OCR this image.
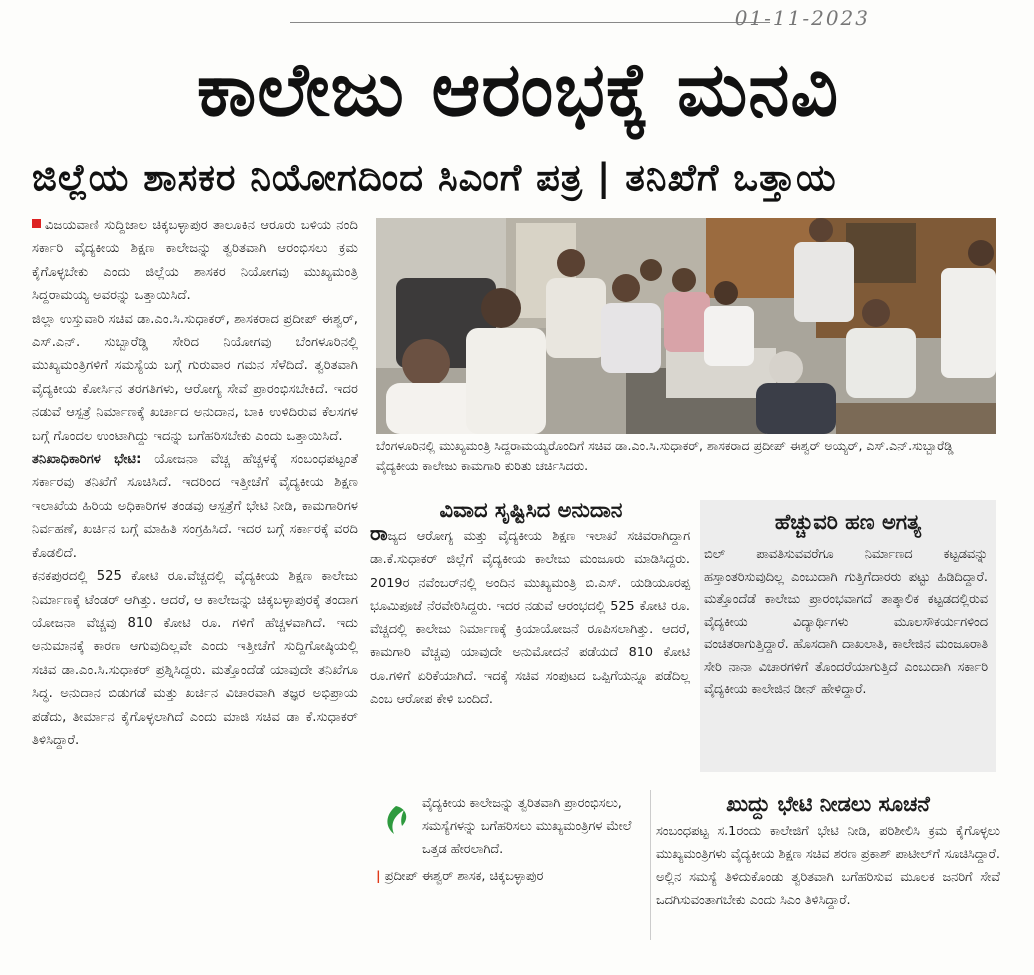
01-11-2023
ಕಾಲೇಜು ಆರಂಭಕ್ಕೆ ಮನವಿ
ಜಿಲ್ಲೆಯ ಶಾಸಕರ ನಿಯೋಗದಿಂದ ಸಿಎಂಗೆ ಪತ್ರ | ತನಿಖೆಗೆ ಒತ್ತಾಯ

ವಿಜಯವಾಣಿ ಸುದ್ದಿಜಾಲ ಚಿಕ್ಕಬಳ್ಳಾಪುರ ತಾಲೂಕಿನ ಆರೂರು ಬಳಿಯ ನಂದಿ ಸರ್ಕಾರಿ ವೈದ್ಯಕೀಯ ಶಿಕ್ಷಣ ಕಾಲೇಜನ್ನು ತ್ವರಿತವಾಗಿ ಆರಂಭಿಸಲು ಕ್ರಮ ಕೈಗೊಳ್ಳಬೇಕು ಎಂದು ಜಿಲ್ಲೆಯ ಶಾಸಕರ ನಿಯೋಗವು ಮುಖ್ಯಮಂತ್ರಿ ಸಿದ್ದರಾಮಯ್ಯ ಅವರನ್ನು ಒತ್ತಾಯಿಸಿದೆ.

ಜಿಲ್ಲಾ ಉಸ್ತುವಾರಿ ಸಚಿವ ಡಾ.ಎಂ.ಸಿ.ಸುಧಾಕರ್, ಶಾಸಕರಾದ ಪ್ರದೀಪ್ ಈಶ್ವರ್, ಎಸ್.ಎನ್. ಸುಬ್ಬಾರೆಡ್ಡಿ ಸೇರಿದ ನಿಯೋಗವು ಬೆಂಗಳೂರಿನಲ್ಲಿ ಮುಖ್ಯಮಂತ್ರಿಗಳಿಗೆ ಸಮಸ್ಯೆಯ ಬಗ್ಗೆ ಗುರುವಾರ ಗಮನ ಸೆಳೆದಿದೆ. ತ್ವರಿತವಾಗಿ ವೈದ್ಯಕೀಯ ಕೋರ್ಸಿನ ತರಗತಿಗಳು, ಆರೋಗ್ಯ ಸೇವೆ ಪ್ರಾರಂಭಿಸಬೇಕಿದೆ. ಇದರ ನಡುವೆ ಆಸ್ಪತ್ರೆ ನಿರ್ಮಾಣಕ್ಕೆ ಖರ್ಚಾದ ಅನುದಾನ, ಬಾಕಿ ಉಳಿದಿರುವ ಕೆಲಸಗಳ ಬಗ್ಗೆ ಗೊಂದಲ ಉಂಟಾಗಿದ್ದು ಇದನ್ನು ಬಗೆಹರಿಸಬೇಕು ಎಂದು ಒತ್ತಾಯಿಸಿದೆ.

ತನಿಖಾಧಿಕಾರಿಗಳ ಭೇಟಿ: ಯೋಜನಾ ವೆಚ್ಚ ಹೆಚ್ಚಳಕ್ಕೆ ಸಂಬಂಧಪಟ್ಟಂತೆ ಸರ್ಕಾರವು ತನಿಖೆಗೆ ಸೂಚಿಸಿದೆ. ಇದರಿಂದ ಇತ್ತೀಚೆಗೆ ವೈದ್ಯಕೀಯ ಶಿಕ್ಷಣ ಇಲಾಖೆಯ ಹಿರಿಯ ಅಧಿಕಾರಿಗಳ ತಂಡವು ಆಸ್ಪತ್ರೆಗೆ ಭೇಟಿ ನೀಡಿ, ಕಾಮಗಾರಿಗಳ ನಿರ್ವಹಣೆ, ಖರ್ಚಿನ ಬಗ್ಗೆ ಮಾಹಿತಿ ಸಂಗ್ರಹಿಸಿದೆ. ಇದರ ಬಗ್ಗೆ ಸರ್ಕಾರಕ್ಕೆ ವರದಿ ಕೊಡಲಿದೆ.

ಕನಕಪುರದಲ್ಲಿ 525 ಕೋಟಿ ರೂ.ವೆಚ್ಚದಲ್ಲಿ ವೈದ್ಯಕೀಯ ಶಿಕ್ಷಣ ಕಾಲೇಜು ನಿರ್ಮಾಣಕ್ಕೆ ಟೆಂಡರ್ ಆಗಿತ್ತು. ಆದರೆ, ಆ ಕಾಲೇಜನ್ನು ಚಿಕ್ಕಬಳ್ಳಾಪುರಕ್ಕೆ ತಂದಾಗ ಯೋಜನಾ ವೆಚ್ಚವು 810 ಕೋಟಿ ರೂ. ಗಳಿಗೆ ಹೆಚ್ಚಳವಾಗಿದೆ. ಇದು ಅನುಮಾನಕ್ಕೆ ಕಾರಣ ಆಗುವುದಿಲ್ಲವೇ ಎಂದು ಇತ್ತೀಚೆಗೆ ಸುದ್ದಿಗೋಷ್ಠಿಯಲ್ಲಿ ಸಚಿವ ಡಾ.ಎಂ.ಸಿ.ಸುಧಾಕರ್ ಪ್ರಶ್ನಿಸಿದ್ದರು. ಮತ್ತೊಂದೆಡೆ ಯಾವುದೇ ತನಿಖೆಗೂ ಸಿದ್ಧ. ಅನುದಾನ ಬಿಡುಗಡೆ ಮತ್ತು ಖರ್ಚಿನ ವಿಚಾರವಾಗಿ ತಜ್ಞರ ಅಭಿಪ್ರಾಯ ಪಡೆದು, ತೀರ್ಮಾನ ಕೈಗೊಳ್ಳಲಾಗಿದೆ ಎಂದು ಮಾಜಿ ಸಚಿವ ಡಾ ಕೆ.ಸುಧಾಕರ್ ತಿಳಿಸಿದ್ದಾರೆ.

ಬೆಂಗಳೂರಿನಲ್ಲಿ ಮುಖ್ಯಮಂತ್ರಿ ಸಿದ್ದರಾಮಯ್ಯರೊಂದಿಗೆ ಸಚಿವ ಡಾ.ಎಂ.ಸಿ.ಸುಧಾಕರ್, ಶಾಸಕರಾದ ಪ್ರದೀಪ್ ಈಶ್ವರ್ ಅಯ್ಯರ್, ಎಸ್.ಎನ್.ಸುಬ್ಬಾರೆಡ್ಡಿ ವೈದ್ಯಕೀಯ ಕಾಲೇಜು ಕಾಮಗಾರಿ ಕುರಿತು ಚರ್ಚಿಸಿದರು.
ವಿವಾದ ಸೃಷ್ಟಿಸಿದ ಅನುದಾನ
ರಾಜ್ಯದ ಆರೋಗ್ಯ ಮತ್ತು ವೈದ್ಯಕೀಯ ಶಿಕ್ಷಣ ಇಲಾಖೆ ಸಚಿವರಾಗಿದ್ದಾಗ ಡಾ.ಕೆ.ಸುಧಾಕರ್ ಜಿಲ್ಲೆಗೆ ವೈದ್ಯಕೀಯ ಕಾಲೇಜು ಮಂಜೂರು ಮಾಡಿಸಿದ್ದರು. 2019ರ ನವೆಂಬರ್‌ನಲ್ಲಿ ಅಂದಿನ ಮುಖ್ಯಮಂತ್ರಿ ಬಿ.ಎಸ್. ಯಡಿಯೂರಪ್ಪ ಭೂಮಿಪೂಜೆ ನೆರವೇರಿಸಿದ್ದರು. ಇದರ ನಡುವೆ ಆರಂಭದಲ್ಲಿ 525 ಕೋಟಿ ರೂ. ವೆಚ್ಚದಲ್ಲಿ ಕಾಲೇಜು ನಿರ್ಮಾಣಕ್ಕೆ ಕ್ರಿಯಾಯೋಜನೆ ರೂಪಿಸಲಾಗಿತ್ತು. ಆದರೆ, ಕಾಮಗಾರಿ ವೆಚ್ಚವು ಯಾವುದೇ ಅನುಮೋದನೆ ಪಡೆಯದೆ 810 ಕೋಟಿ ರೂ.ಗಳಿಗೆ ಏರಿಕೆಯಾಗಿದೆ. ಇದಕ್ಕೆ ಸಚಿವ ಸಂಪುಟದ ಒಪ್ಪಿಗೆಯನ್ನೂ ಪಡೆದಿಲ್ಲ ಎಂಬ ಆರೋಪ ಕೇಳಿ ಬಂದಿದೆ.
ಹೆಚ್ಚುವರಿ ಹಣ ಅಗತ್ಯ
ಬಿಲ್ ಪಾವತಿಸುವವರೆಗೂ ನಿರ್ಮಾಣದ ಕಟ್ಟಡವನ್ನು ಹಸ್ತಾಂತರಿಸುವುದಿಲ್ಲ ಎಂಬುದಾಗಿ ಗುತ್ತಿಗೆದಾರರು ಪಟ್ಟು ಹಿಡಿದಿದ್ದಾರೆ. ಮತ್ತೊಂದೆಡೆ ಕಾಲೇಜು ಪ್ರಾರಂಭವಾಗದೆ ತಾತ್ಕಾಲಿಕ ಕಟ್ಟಡದಲ್ಲಿರುವ ವೈದ್ಯಕೀಯ ವಿದ್ಯಾರ್ಥಿಗಳು ಮೂಲಸೌಕರ್ಯಗಳಿಂದ ವಂಚಿತರಾಗುತ್ತಿದ್ದಾರೆ. ಹೊಸದಾಗಿ ದಾಖಲಾತಿ, ಕಾಲೇಜಿನ ಮಂಜೂರಾತಿ ಸೇರಿ ನಾನಾ ವಿಚಾರಗಳಿಗೆ ತೊಂದರೆಯಾಗುತ್ತಿದೆ ಎಂಬುದಾಗಿ ಸರ್ಕಾರಿ ವೈದ್ಯಕೀಯ ಕಾಲೇಜಿನ ಡೀನ್ ಹೇಳಿದ್ದಾರೆ.
ವೈದ್ಯಕೀಯ ಕಾಲೇಜನ್ನು ತ್ವರಿತವಾಗಿ ಪ್ರಾರಂಭಿಸಲು, ಸಮಸ್ಯೆಗಳನ್ನು ಬಗೆಹರಿಸಲು ಮುಖ್ಯಮಂತ್ರಿಗಳ ಮೇಲೆ ಒತ್ತಡ ಹೇರಲಾಗಿದೆ.
| ಪ್ರದೀಪ್ ಈಶ್ವರ್ ಶಾಸಕ, ಚಿಕ್ಕಬಳ್ಳಾಪುರ
ಖುದ್ದು ಭೇಟಿ ನೀಡಲು ಸೂಚನೆ
ಸಂಬಂಧಪಟ್ಟ ಸ.1ರಂದು ಕಾಲೇಜಿಗೆ ಭೇಟಿ ನೀಡಿ, ಪರಿಶೀಲಿಸಿ ಕ್ರಮ ಕೈಗೊಳ್ಳಲು ಮುಖ್ಯಮಂತ್ರಿಗಳು ವೈದ್ಯಕೀಯ ಶಿಕ್ಷಣ ಸಚಿವ ಶರಣ ಪ್ರಕಾಶ್ ಪಾಟೀಲ್‌ಗೆ ಸೂಚಿಸಿದ್ದಾರೆ. ಅಲ್ಲಿನ ಸಮಸ್ಯೆ ತಿಳಿದುಕೊಂಡು ತ್ವರಿತವಾಗಿ ಬಗೆಹರಿಸುವ ಮೂಲಕ ಜನರಿಗೆ ಸೇವೆ ಒದಗಿಸುವಂತಾಗಬೇಕು ಎಂದು ಸಿಎಂ ತಿಳಿಸಿದ್ದಾರೆ.
